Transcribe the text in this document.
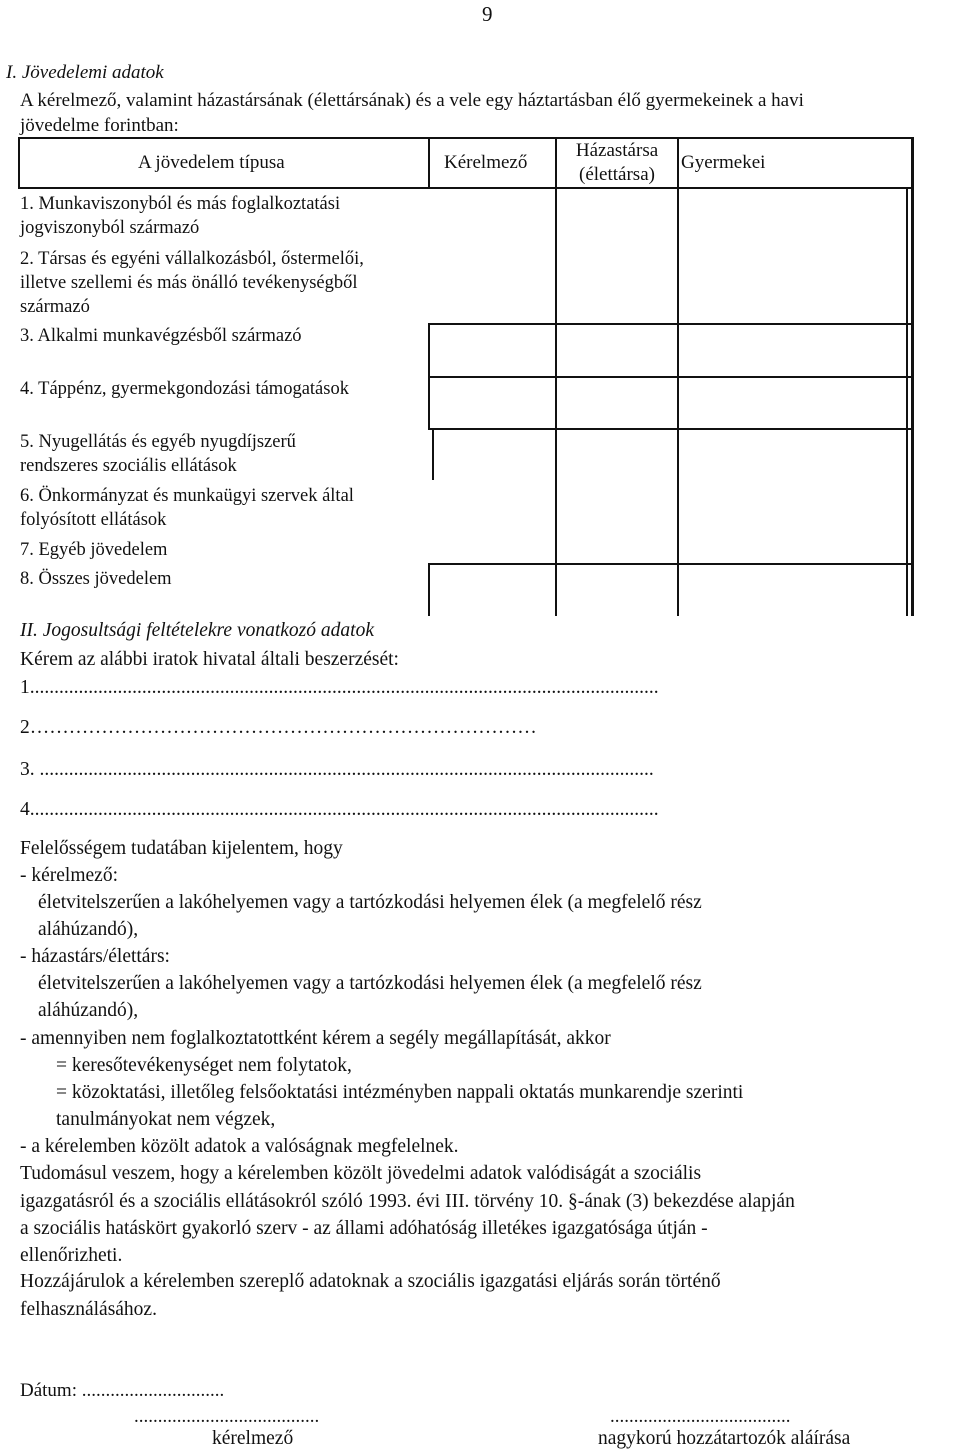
9
I. Jövedelemi adatok
A kérelmező, valamint házastársának (élettársának) és a vele egy háztartásban élő gyermekeinek a havi
jövedelme forintban:
A jövedelem típusa	Kérelmező
Házastársa
(élettársa)
Gyermekei
1. Munkaviszonyból és más foglalkoztatási
jogviszonyból származó
2. Társas és egyéni vállalkozásból, őstermelői,
illetve szellemi és más önálló tevékenységből
származó
3. Alkalmi munkavégzésből származó
4. Táppénz, gyermekgondozási támogatások
5. Nyugellátás és egyéb nyugdíjszerű
rendszeres szociális ellátások
6. Önkormányzat és munkaügyi szervek által
folyósított ellátások
7. Egyéb jövedelem
8. Összes jövedelem
II. Jogosultsági feltételekre vonatkozó adatok
Kérem az alábbi iratok hivatal általi beszerzését:
1.................................................................................................................................
2……………………………………………………………………
3. ..............................................................................................................................
4.................................................................................................................................
Felelősségem tudatában kijelentem, hogy
- kérelmező:
életvitelszerűen a lakóhelyemen vagy a tartózkodási helyemen élek (a megfelelő rész
aláhúzandó),
- házastárs/élettárs:
életvitelszerűen a lakóhelyemen vagy a tartózkodási helyemen élek (a megfelelő rész
aláhúzandó),
- amennyiben nem foglalkoztatottként kérem a segély megállapítását, akkor
= keresőtevékenységet nem folytatok,
= közoktatási, illetőleg felsőoktatási intézményben nappali oktatás munkarendje szerinti
tanulmányokat nem végzek,
- a kérelemben közölt adatok a valóságnak megfelelnek.
Tudomásul veszem, hogy a kérelemben közölt jövedelmi adatok valódiságát a szociális
igazgatásról és a szociális ellátásokról szóló 1993. évi III. törvény 10. §-ának (3) bekezdése alapján
a szociális hatáskört gyakorló szerv - az állami adóhatóság illetékes igazgatósága útján -
ellenőrizheti.
Hozzájárulok a kérelemben szereplő adatoknak a szociális igazgatási eljárás során történő
felhasználásához.
Dátum: ..............................
.......................................
kérelmező
......................................
nagykorú hozzátartozók aláírása
